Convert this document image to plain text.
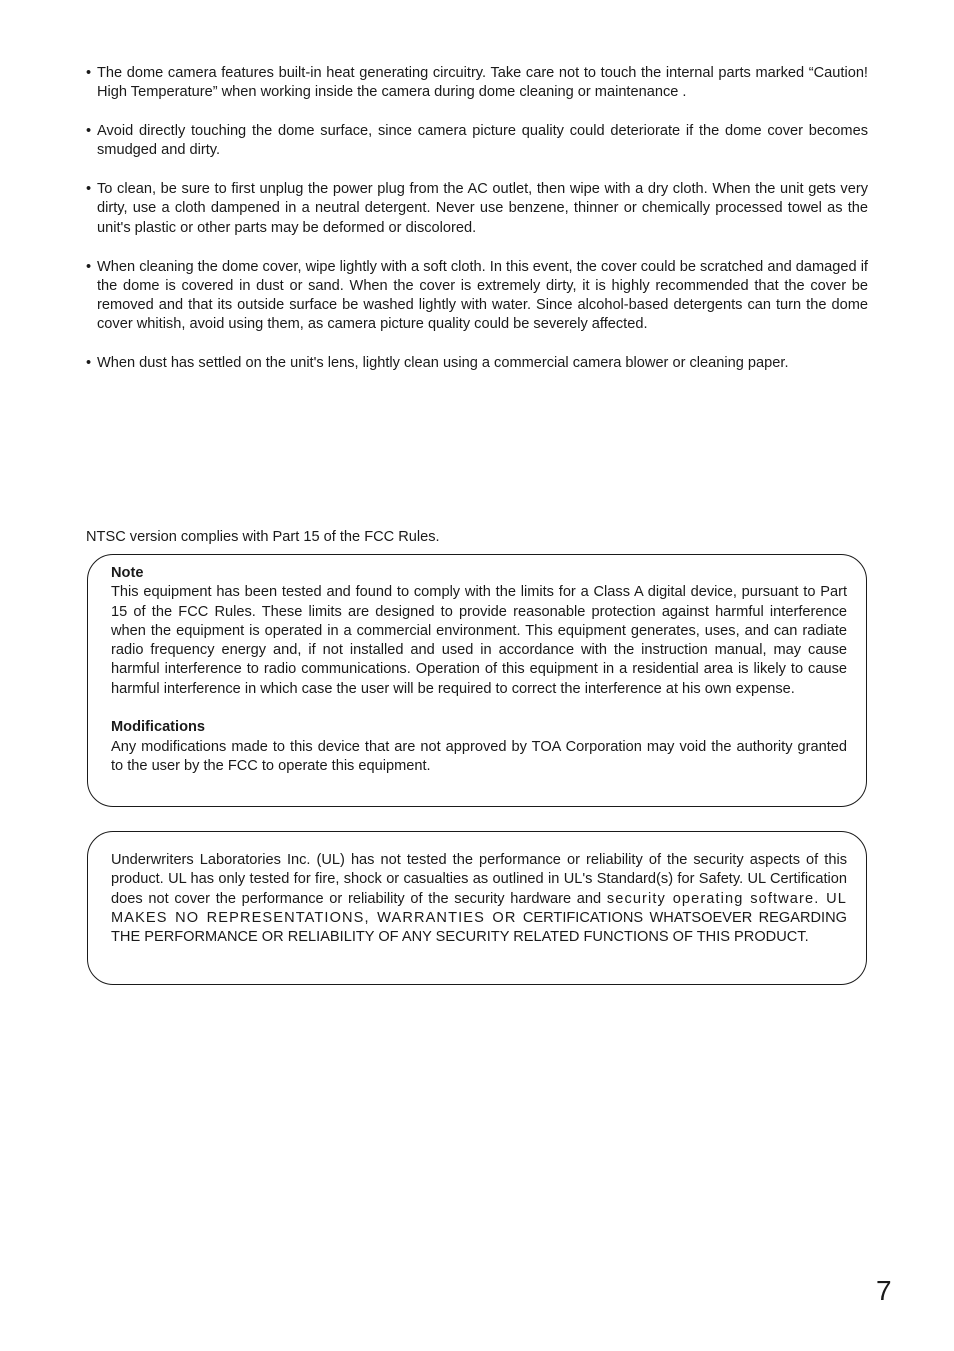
• The dome camera features built-in heat generating circuitry. Take care not to touch the internal parts marked “Caution! High Temperature” when working inside the camera during dome cleaning or maintenance .
• Avoid directly touching the dome surface, since camera picture quality could deteriorate if the dome cover becomes smudged and dirty.
• To clean, be sure to first unplug the power plug from the AC outlet, then wipe with a dry cloth. When the unit gets very dirty, use a cloth dampened in a neutral detergent. Never use benzene, thinner or chemically processed towel as the unit's plastic or other parts may be deformed or discolored.
• When cleaning the dome cover, wipe lightly with a soft cloth. In this event, the cover could be scratched and damaged if the dome is covered in dust or sand. When the cover is extremely dirty, it is highly recommended that the cover be removed and that its outside surface be washed lightly with water. Since alcohol-based detergents can turn the dome cover whitish, avoid using them, as camera picture quality could be severely affected.
• When dust has settled on the unit's lens, lightly clean using a commercial camera blower or cleaning paper.

NTSC version complies with Part 15 of the FCC Rules.

Note

This equipment has been tested and found to comply with the limits for a Class A digital device, pursuant to Part 15 of the FCC Rules. These limits are designed to provide reasonable protection against harmful interference when the equipment is operated in a commercial environment. This equipment generates, uses, and can radiate radio frequency energy and, if not installed and used in accordance with the instruction manual, may cause harmful interference to radio communications. Operation of this equipment in a residential area is likely to cause harmful interference in which case the user will be required to correct the interference at his own expense.

Modifications

Any modifications made to this device that are not approved by TOA Corporation may void the authority granted to the user by the FCC to operate this equipment.

Underwriters Laboratories Inc. (UL) has not tested the performance or reliability of the security aspects of this product. UL has only tested for fire, shock or casualties as outlined in UL's Standard(s) for Safety. UL Certification does not cover the performance or reliability of the security hardware and security operating software. UL MAKES NO REPRESENTATIONS, WARRANTIES OR CERTIFICATIONS WHATSOEVER REGARDING THE PERFORMANCE OR RELIABILITY OF ANY SECURITY RELATED FUNCTIONS OF THIS PRODUCT.

7
